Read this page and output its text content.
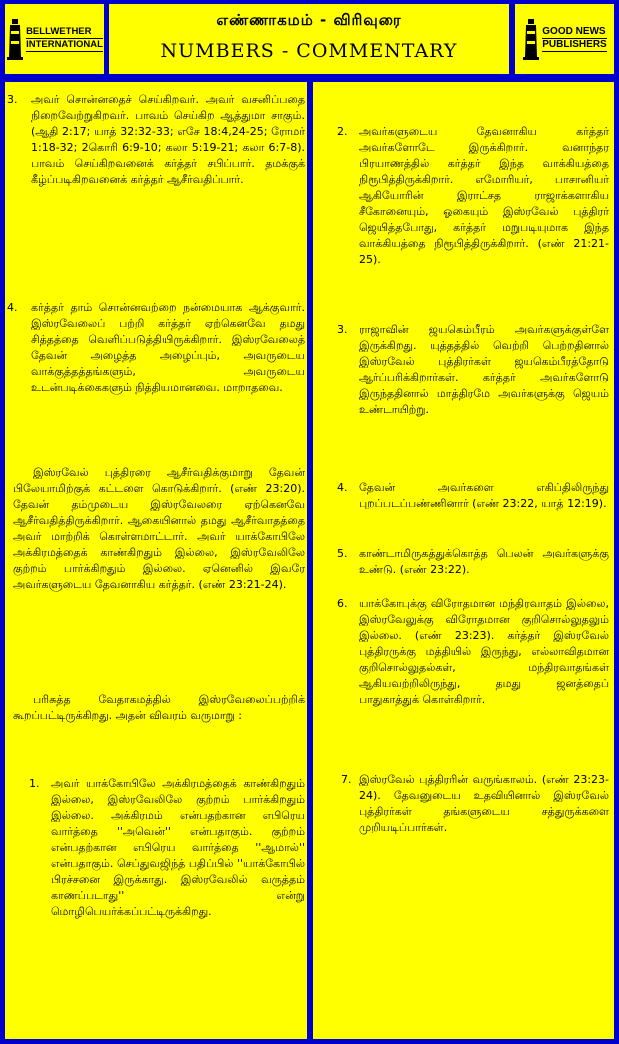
BELLWETHER
INTERNATIONAL
எண்ணாகமம் - விரிவுரை
NUMBERS - COMMENTARY
GOOD NEWS
PUBLISHERS
3. அவர் சொன்னதைச் செய்கிறவர். அவர் வசனிப்பதை நிறைவேற்றுகிறவர். பாவம் செய்கிற ஆத்துமா சாகும். (ஆதி 2:17; யாத் 32:32-33; எசே 18:4,24-25; ரோமர் 1:18-32; 2கொரி 6:9-10; கலா 5:19-21; கலா 6:7-8). பாவம் செய்கிறவனைக் கர்த்தர் சபிப்பார். தமக்குக் கீழ்ப்படிகிறவனைக் கர்த்தர் ஆசீர்வதிப்பார்.
4. கர்த்தர் தாம் சொன்னவற்றை நன்மையாக ஆக்குவார். இஸ்ரவேலைப் பற்றி கர்த்தர் ஏற்கெனவே தமது சித்தத்தை வெளிப்படுத்தியிருக்கிறார். இஸ்ரவேலைத் தேவன் அழைத்த அழைப்பும், அவருடைய வாக்குத்தத்தங்களும், அவருடைய உடன்படிக்கைகளும் நித்தியமானவை. மாறாதவை.
இஸ்ரவேல் புத்திரரை ஆசீர்வதிக்குமாறு தேவன் பிலேயாமிற்குக் கட்டளை கொடுக்கிறார். (எண் 23:20). தேவன் தம்முடைய இஸ்ரவேலரை ஏற்கெனவே ஆசீர்வதித்திருக்கிறார். ஆகையினால் தமது ஆசீர்வாதத்தை அவர் மாற்றிக் கொள்ளமாட்டார். அவர் யாக்கோபிலே அக்கிரமத்தைக் காண்கிறதும் இல்லை, இஸ்ரவேலிலே குற்றம் பார்க்கிறதும் இல்லை. ஏனெனில் இவரே அவர்களுடைய தேவனாகிய கர்த்தர். (எண் 23:21-24).
பரிசுத்த வேதாகமத்தில் இஸ்ரவேலைப்பற்றிக் கூறப்பட்டிருக்கிறது. அதன் விவரம் வருமாறு :
1. அவர் யாக்கோபிலே அக்கிரமத்தைக் காண்கிறதும் இல்லை, இஸ்ரவேலிலே குற்றம் பார்க்கிறதும் இல்லை. அக்கிரமம் என்பதற்கான எபிரெய வார்த்தை ''அவென்'' என்பதாகும். குற்றம் என்பதற்கான எபிரெய வார்த்தை ''ஆமால்'' என்பதாகும். செப்துவஜிந்த் பதிப்பில் ''யாக்கோபில் பிரச்சனை இருக்காது. இஸ்ரவேலில் வருத்தம் காணப்படாது'' என்று மொழிபெயர்க்கப்பட்டிருக்கிறது.
2. அவர்களுடைய தேவனாகிய கர்த்தர் அவர்களோடே இருக்கிறார். வனாந்தர பிரயாணத்தில் கர்த்தர் இந்த வாக்கியத்தை நிரூபித்திருக்கிறார். எமோரியர், பாசானியர் ஆகியோரின் இராட்சத ராஜாக்களாகிய சீகோனையும், ஓகையும் இஸ்ரவேல் புத்திரர் ஜெயித்தபோது, கர்த்தர் மறுபடியுமாக இந்த வாக்கியத்தை நிரூபித்திருக்கிறார். (எண் 21:21-25).
3. ராஜாவின் ஜயகெம்பீரம் அவர்களுக்குள்ளே இருக்கிறது. யுத்தத்தில் வெற்றி பெற்றதினால் இஸ்ரவேல் புத்திரர்கள் ஜயகெம்பீரத்தோடு ஆர்ப்பரிக்கிறார்கள். கர்த்தர் அவர்களோடு இருந்ததினால் மாத்திரமே அவர்களுக்கு ஜெயம் உண்டாயிற்று.
4. தேவன் அவர்களை எகிப்திலிருந்து புறப்படப்பண்ணினார் (எண் 23:22, யாத் 12:19).
5. காண்டாமிருகத்துக்கொத்த பெலன் அவர்களுக்கு உண்டு. (எண் 23:22).
6. யாக்கோபுக்கு விரோதமான மந்திரவாதம் இல்லை, இஸ்ரவேலுக்கு விரோதமான குறிசொல்லுதலும் இல்லை. (எண் 23:23). கர்த்தர் இஸ்ரவேல் புத்திரருக்கு மத்தியில் இருந்து, எல்லாவிதமான குறிசொல்லுதல்கள், மந்திரவாதங்கள் ஆகியவற்றிலிருந்து, தமது ஜனத்தைப் பாதுகாத்துக் கொள்கிறார்.
7. இஸ்ரவேல் புத்திரரின் வருங்காலம். (எண் 23:23-24). தேவனுடைய உதவியினால் இஸ்ரவேல் புத்திரர்கள் தங்களுடைய சத்துருக்களை முறியடிப்பார்கள்.
